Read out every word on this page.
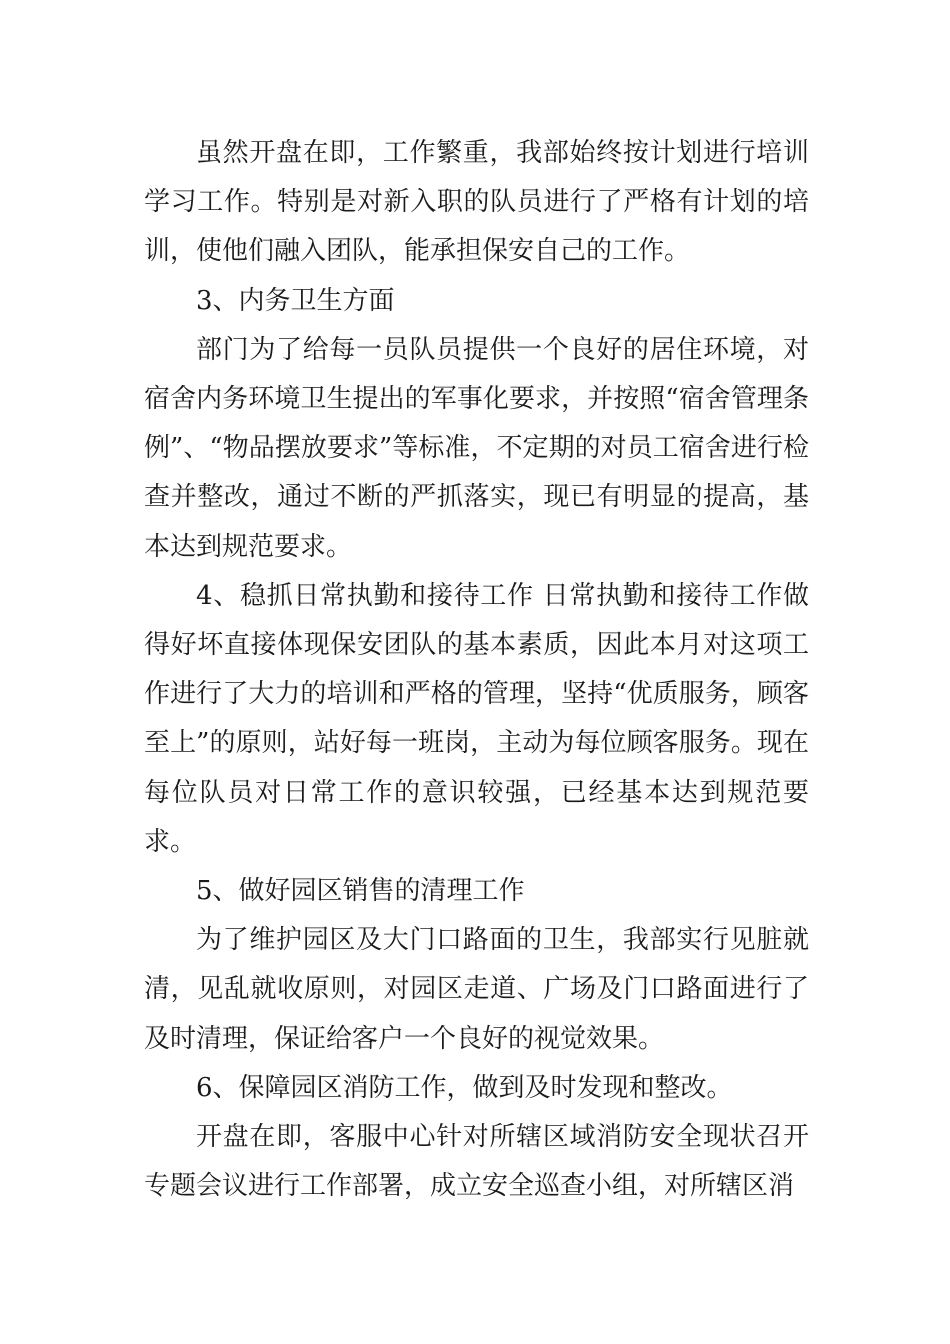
虽然开盘在即，工作繁重，我部始终按计划进行培训学习工作。特别是对新入职的队员进行了严格有计划的培训，使他们融入团队，能承担保安自己的工作。

3、内务卫生方面

部门为了给每一员队员提供一个良好的居住环境，对宿舍内务环境卫生提出的军事化要求，并按照“宿舍管理条例”、“物品摆放要求”等标准，不定期的对员工宿舍进行检查并整改，通过不断的严抓落实，现已有明显的提高，基本达到规范要求。

4、稳抓日常执勤和接待工作 日常执勤和接待工作做得好坏直接体现保安团队的基本素质，因此本月对这项工作进行了大力的培训和严格的管理，坚持“优质服务，顾客至上”的原则，站好每一班岗，主动为每位顾客服务。现在每位队员对日常工作的意识较强，已经基本达到规范要求。

5、做好园区销售的清理工作

为了维护园区及大门口路面的卫生，我部实行见脏就清，见乱就收原则，对园区走道、广场及门口路面进行了及时清理，保证给客户一个良好的视觉效果。

6、保障园区消防工作，做到及时发现和整改。

开盘在即，客服中心针对所辖区域消防安全现状召开专题会议进行工作部署，成立安全巡查小组，对所辖区消
